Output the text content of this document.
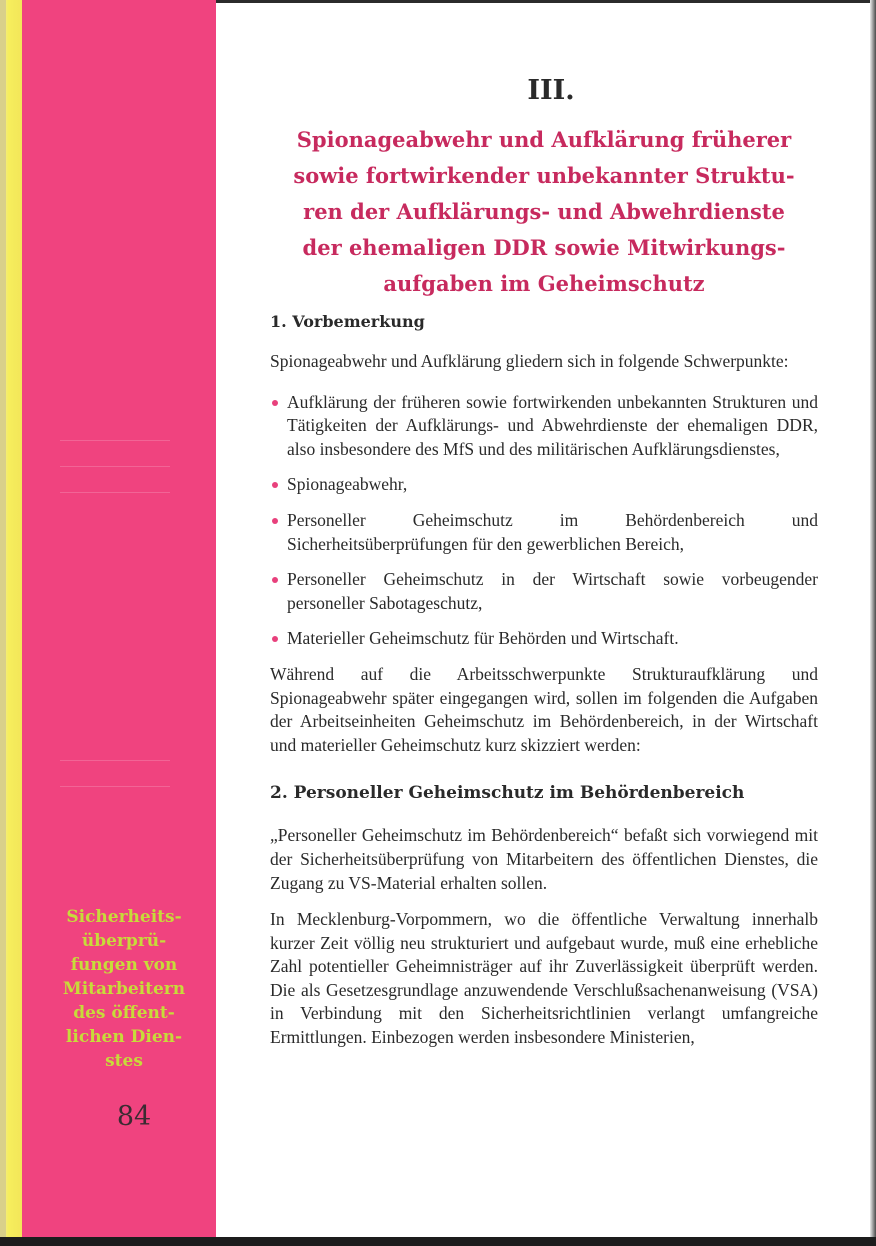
Sicherheits-
überprü-
fungen von
Mitarbeitern
des öffent-
lichen Dien-
stes

84
III.
Spionageabwehr und Aufklärung früherer
sowie fortwirkender unbekannter Struktu-
ren der Aufklärungs- und Abwehrdienste
der ehemaligen DDR sowie Mitwirkungs-
aufgaben im Geheimschutz
1. Vorbemerkung

Spionageabwehr und Aufklärung gliedern sich in folgende Schwerpunkte:

Aufklärung der früheren sowie fortwirkenden unbekannten Strukturen und Tätigkeiten der Aufklärungs- und Abwehrdienste der ehemaligen DDR, also insbesondere des MfS und des militärischen Aufklärungsdienstes,

Spionageabwehr,

Personeller Geheimschutz im Behördenbereich und Sicherheitsüberprüfungen für den gewerblichen Bereich,

Personeller Geheimschutz in der Wirtschaft sowie vorbeugender personeller Sabotageschutz,

Materieller Geheimschutz für Behörden und Wirtschaft.

Während auf die Arbeitsschwerpunkte Strukturaufklärung und Spionageabwehr später eingegangen wird, sollen im folgenden die Aufgaben der Arbeitseinheiten Geheimschutz im Behördenbereich, in der Wirtschaft und materieller Geheimschutz kurz skizziert werden:

2. Personeller Geheimschutz im Behördenbereich

„Personeller Geheimschutz im Behördenbereich“ befaßt sich vorwiegend mit der Sicherheitsüberprüfung von Mitarbeitern des öffentlichen Dienstes, die Zugang zu VS-Material erhalten sollen.

In Mecklenburg-Vorpommern, wo die öffentliche Verwaltung innerhalb kurzer Zeit völlig neu strukturiert und aufgebaut wurde, muß eine erhebliche Zahl potentieller Geheimnisträger auf ihr Zuverlässigkeit überprüft werden. Die als Gesetzesgrundlage anzuwendende Verschlußsachenanweisung (VSA) in Verbindung mit den Sicherheitsrichtlinien verlangt umfangreiche Ermittlungen. Einbezogen werden insbesondere Ministerien,
